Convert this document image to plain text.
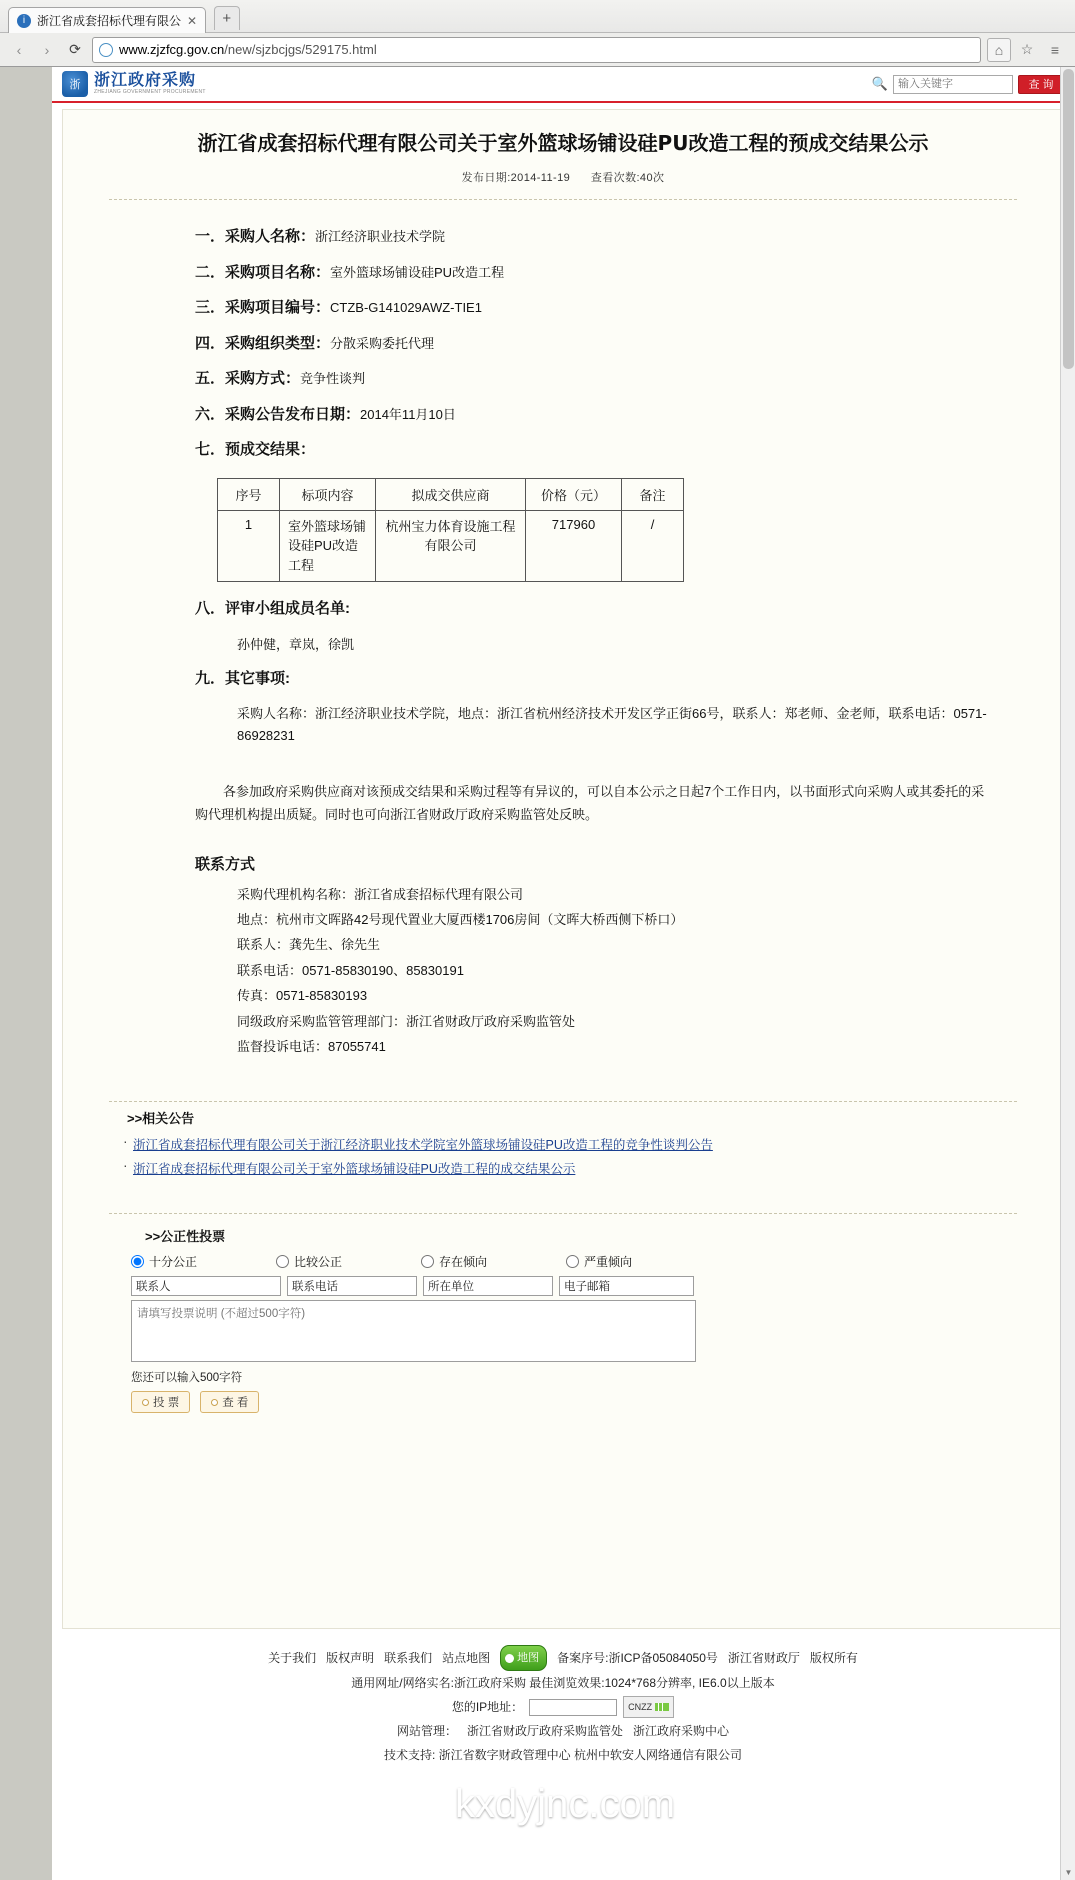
i 浙江省成套招标代理有限公 ✕ +
‹	›	⟳	www.zjzfcg.gov.cn/new/sjzbcjgs/529175.html	⌂	☆	≡
浙 浙江政府采购
ZHEJIANG GOVERNMENT PROCUREMENT
🔍
输入关键字	查 询
浙江省成套招标代理有限公司关于室外篮球场铺设硅PU改造工程的预成交结果公示
发布日期:2014-11-19 查看次数:40次
一．采购人名称：浙江经济职业技术学院
二．采购项目名称：室外篮球场铺设硅PU改造工程
三．采购项目编号：CTZB-G141029AWZ-TIE1
四．采购组织类型：分散采购委托代理
五．采购方式：竞争性谈判
六．采购公告发布日期：2014年11月10日
七．预成交结果：
序号	标项内容	拟成交供应商	价格（元）	备注
1	室外篮球场铺设硅PU改造工程	杭州宝力体育设施工程有限公司	717960	/
八．评审小组成员名单:
孙仲健，章岚，徐凯
九．其它事项:
采购人名称：浙江经济职业技术学院，地点：浙江省杭州经济技术开发区学正街66号，联系人：郑老师、金老师，联系电话：0571-86928231
各参加政府采购供应商对该预成交结果和采购过程等有异议的，可以自本公示之日起7个工作日内，以书面形式向采购人或其委托的采购代理机构提出质疑。同时也可向浙江省财政厅政府采购监管处反映。
联系方式
采购代理机构名称：浙江省成套招标代理有限公司
地点：杭州市文晖路42号现代置业大厦西楼1706房间（文晖大桥西侧下桥口）
联系人：龚先生、徐先生
联系电话：0571-85830190、85830191
传真：0571-85830193
同级政府采购监管管理部门：浙江省财政厅政府采购监管处
监督投诉电话：87055741
>>相关公告
· 浙江省成套招标代理有限公司关于浙江经济职业技术学院室外篮球场铺设硅PU改造工程的竞争性谈判公告
· 浙江省成套招标代理有限公司关于室外篮球场铺设硅PU改造工程的成交结果公示
>>公正性投票
十分公正	比较公正	存在倾向	严重倾向
联系人
联系电话
所在单位
电子邮箱
请填写投票说明 (不超过500字符)
您还可以输入500字符
投 票	查 看
关于我们 版权声明 联系我们 站点地图 地图 备案序号:浙ICP备05084050号 浙江省财政厅 版权所有
通用网址/网络实名:浙江政府采购 最佳浏览效果:1024*768分辨率, IE6.0以上版本
您的IP地址：	CNZZ
网站管理： 浙江省财政厅政府采购监管处 浙江政府采购中心
技术支持: 浙江省数字财政管理中心 杭州中软安人网络通信有限公司
kxdyjnc.com
▼
